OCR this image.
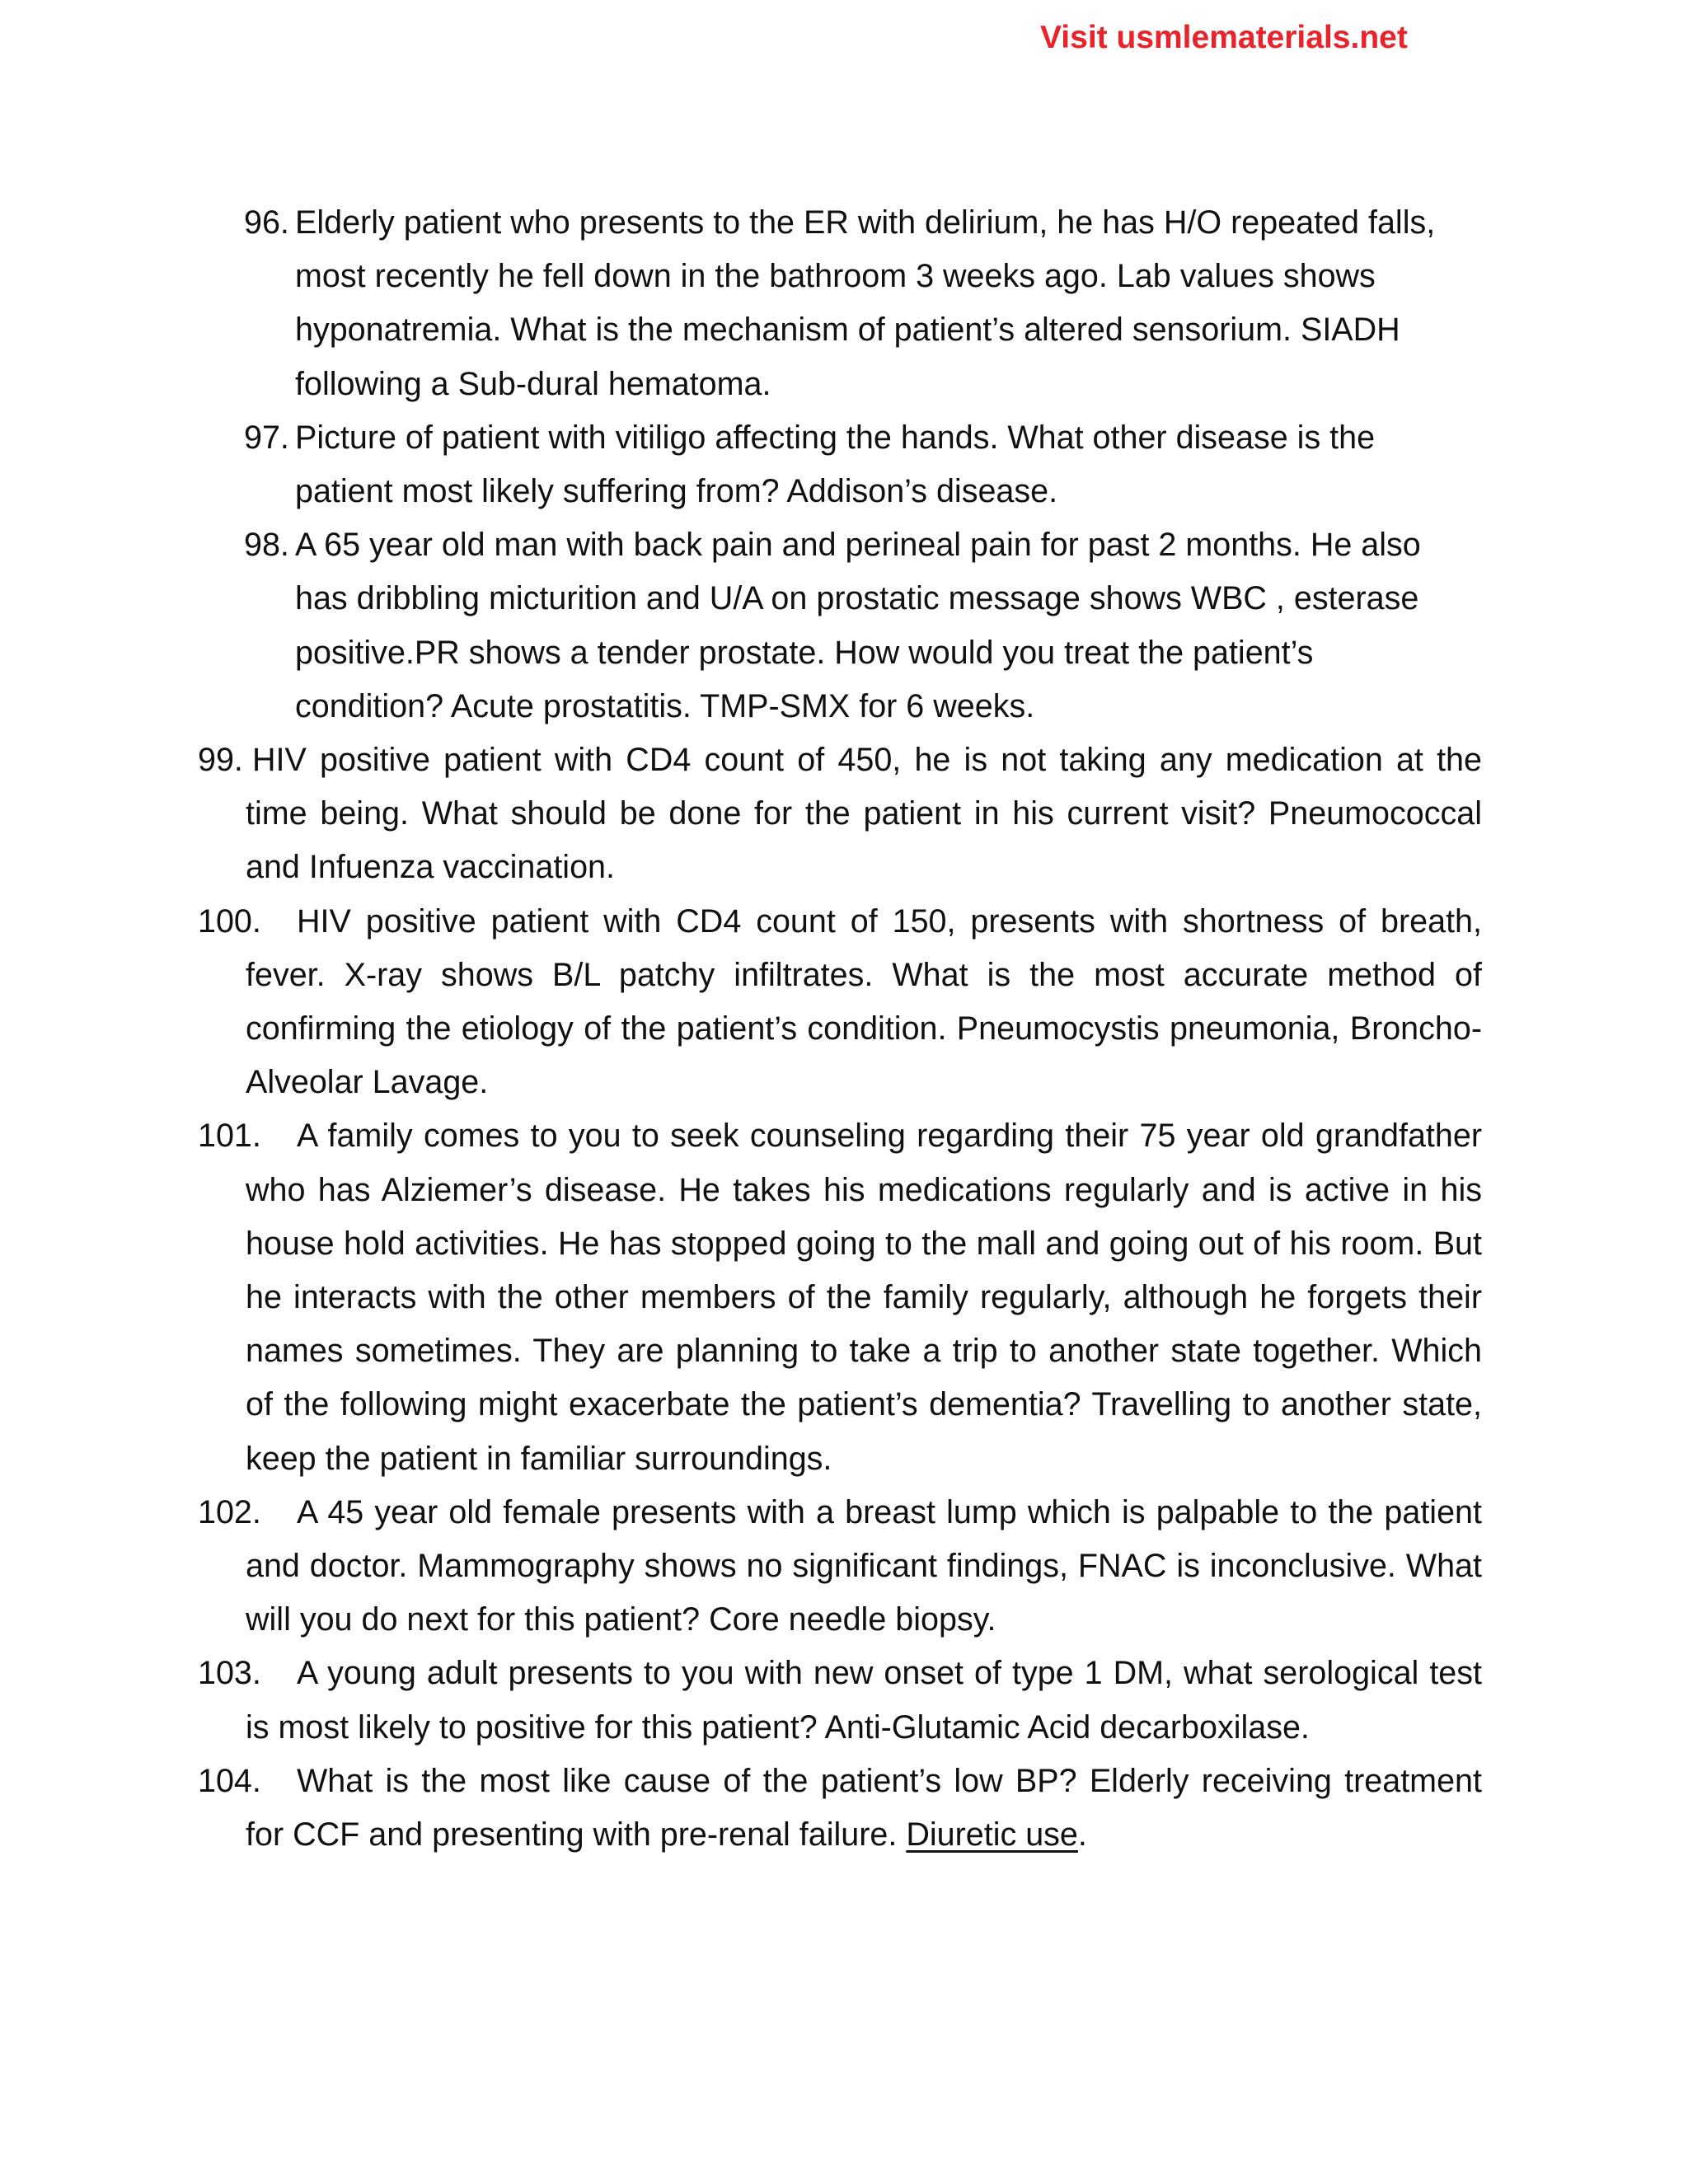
Visit usmlematerials.net
96. Elderly patient who presents to the ER with delirium, he has H/O repeated falls, most recently he fell down in the bathroom 3 weeks ago. Lab values shows hyponatremia. What is the mechanism of patient’s altered sensorium. SIADH following a Sub-dural hematoma.
97. Picture of patient with vitiligo affecting the hands. What other disease is the patient most likely suffering from? Addison’s disease.
98. A 65 year old man with back pain and perineal pain for past 2 months. He also has dribbling micturition and U/A on prostatic message shows WBC , esterase positive.PR shows a tender prostate. How would you treat the patient’s condition? Acute prostatitis. TMP-SMX for 6 weeks.
99. HIV positive patient with CD4 count of 450, he is not taking any medication at the time being. What should be done for the patient in his current visit? Pneumococcal and Infuenza vaccination.
100.	HIV positive patient with CD4 count of 150, presents with shortness of breath, fever. X-ray shows B/L patchy infiltrates. What is the most accurate method of confirming the etiology of the patient’s condition. Pneumocystis pneumonia, Broncho-Alveolar Lavage.
101.	A family comes to you to seek counseling regarding their 75 year old grandfather who has Alziemer’s disease. He takes his medications regularly and is active in his house hold activities. He has stopped going to the mall and going out of his room. But he interacts with the other members of the family regularly, although he forgets their names sometimes. They are planning to take a trip to another state together. Which of the following might exacerbate the patient’s dementia? Travelling to another state, keep the patient in familiar surroundings.
102.	A 45 year old female presents with a breast lump which is palpable to the patient and doctor. Mammography shows no significant findings, FNAC is inconclusive. What will you do next for this patient? Core needle biopsy.
103.	A young adult presents to you with new onset of type 1 DM, what serological test is most likely to positive for this patient? Anti-Glutamic Acid decarboxilase.
104.	What is the most like cause of the patient’s low BP? Elderly receiving treatment for CCF and presenting with pre-renal failure. Diuretic use.
